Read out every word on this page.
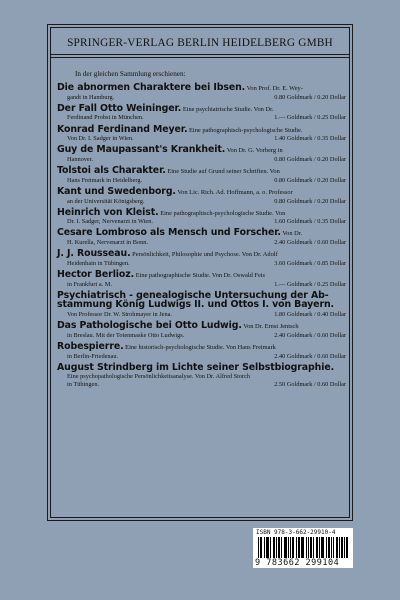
SPRINGER-VERLAG BERLIN HEIDELBERG GMBH
In der gleichen Sammlung erschienen:
Die abnormen Charaktere bei Ibsen. Von Prof. Dr. E. Wey-
gandt in Hamburg.	0.80 Goldmark / 0.20 Dollar
Der Fall Otto Weininger. Eine psychiatrische Studie. Von Dr.
Ferdinand Probst in München.	1.— Goldmark / 0.25 Dollar
Konrad Ferdinand Meyer. Eine pathographisch-psychologische Studie.
Von Dr. I. Sadger in Wien.	1.40 Goldmark / 0.35 Dollar
Guy de Maupassant's Krankheit. Von Dr. G. Vorberg in
Hannover.	0.80 Goldmark / 0.20 Dollar
Tolstoi als Charakter. Eine Studie auf Grund seiner Schriften. Von
Hans Freimark in Heidelberg.	0.80 Goldmark / 0.20 Dollar
Kant und Swedenborg. Von Lic. Rich. Ad. Hoffmann, a. o. Professor
an der Universität Königsberg.	0.80 Goldmark / 0.20 Dollar
Heinrich von Kleist. Eine pathographisch-psychologische Studie. Von
Dr. I. Sadger, Nervenarzt in Wien.	1.60 Goldmark / 0.35 Dollar
Cesare Lombroso als Mensch und Forscher. Von Dr.
H. Kurella, Nervenarzt in Bonn.	2.40 Goldmark / 0.60 Dollar
J. J. Rousseau. Persönlichkeit, Philosophie und Psychose. Von Dr. Adolf
Heidenhain in Tübingen.	3.60 Goldmark / 0.85 Dollar
Hector Berlioz. Eine pathographische Studie. Von Dr. Oswald Feis
in Frankfurt a. M.	1.— Goldmark / 0.25 Dollar
Psychiatrisch - genealogische Untersuchung der Ab-
stammung König Ludwigs II. und Ottos I. von Bayern.
Von Professor Dr. W. Strohmayer in Jena.	1.80 Goldmark / 0.40 Dollar
Das Pathologische bei Otto Ludwig. Von Dr. Ernst Jentsch
in Breslau. Mit der Totenmaske Otto Ludwigs.	2.40 Goldmark / 0.60 Dollar
Robespierre. Eine historisch-psychologische Studie. Von Hans Freimark
in Berlin-Friedenau.	2.40 Goldmark / 0.60 Dollar
August Strindberg im Lichte seiner Selbstbiographie.
Eine psychopathologische Persönlichkeitsanalyse. Von Dr. Alfred Storch
in Tübingen.	2.50 Goldmark / 0.60 Dollar
ISBN 978-3-662-29910-4
9 783662 299104
